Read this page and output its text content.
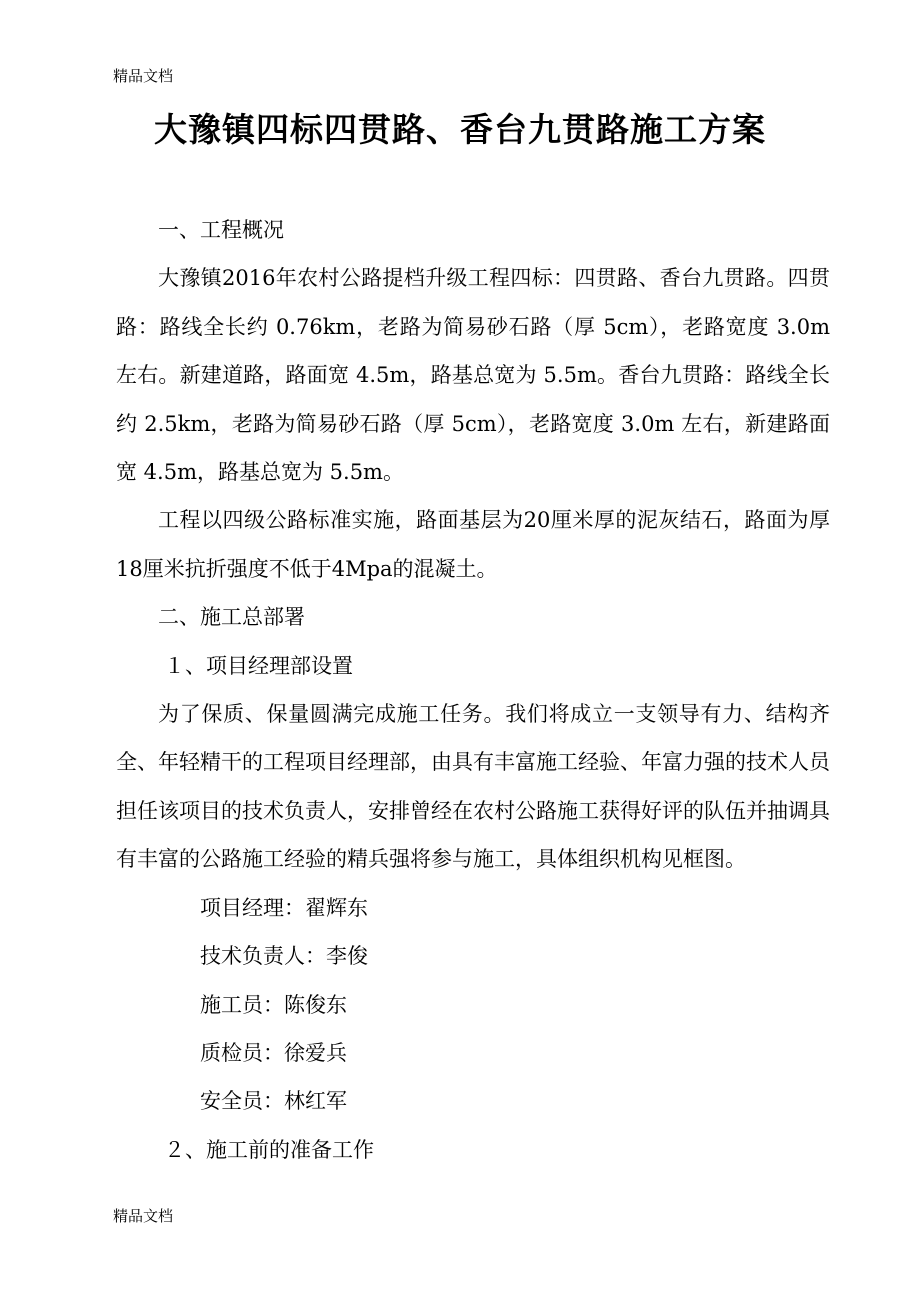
精品文档
大豫镇四标四贯路、香台九贯路施工方案

一、工程概况

大豫镇2016年农村公路提档升级工程四标：四贯路、香台九贯路。四贯路：路线全长约 0.76km，老路为简易砂石路（厚 5cm），老路宽度 3.0m 左右。新建道路，路面宽 4.5m，路基总宽为 5.5m。香台九贯路：路线全长约 2.5km，老路为简易砂石路（厚 5cm），老路宽度 3.0m 左右，新建路面宽 4.5m，路基总宽为 5.5m。

工程以四级公路标准实施，路面基层为20厘米厚的泥灰结石，路面为厚18厘米抗折强度不低于4Mpa的混凝土。

二、施工总部署

１、项目经理部设置

为了保质、保量圆满完成施工任务。我们将成立一支领导有力、结构齐全、年轻精干的工程项目经理部，由具有丰富施工经验、年富力强的技术人员担任该项目的技术负责人，安排曾经在农村公路施工获得好评的队伍并抽调具有丰富的公路施工经验的精兵强将参与施工，具体组织机构见框图。

项目经理：翟辉东
技术负责人：李俊
施工员：陈俊东
质检员：徐爱兵
安全员：林红军

２、施工前的准备工作

精品文档
